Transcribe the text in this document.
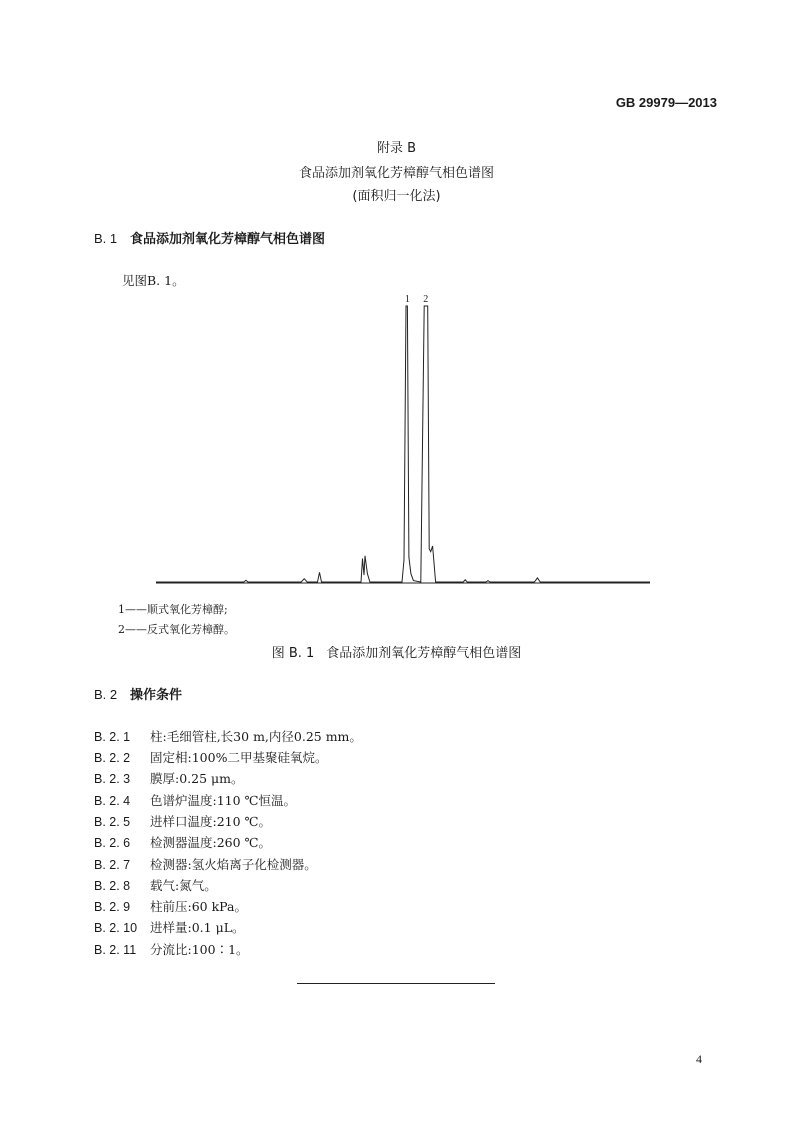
GB 29979—2013
附录 B
食品添加剂氧化芳樟醇气相色谱图
(面积归一化法)
B. 1 食品添加剂氧化芳樟醇气相色谱图
见图B. 1。
1 2
1——顺式氧化芳樟醇;
2——反式氧化芳樟醇。
图 B. 1 食品添加剂氧化芳樟醇气相色谱图
B. 2 操作条件
B. 2. 1 柱:毛细管柱,长30 m,内径0.25 mm。
B. 2. 2 固定相:100%二甲基聚硅氧烷。
B. 2. 3 膜厚:0.25 μm。
B. 2. 4 色谱炉温度:110 ℃恒温。
B. 2. 5 进样口温度:210 ℃。
B. 2. 6 检测器温度:260 ℃。
B. 2. 7 检测器:氢火焰离子化检测器。
B. 2. 8 载气:氮气。
B. 2. 9 柱前压:60 kPa。
B. 2. 10 进样量:0.1 μL。
B. 2. 11 分流比:100∶1。
4
